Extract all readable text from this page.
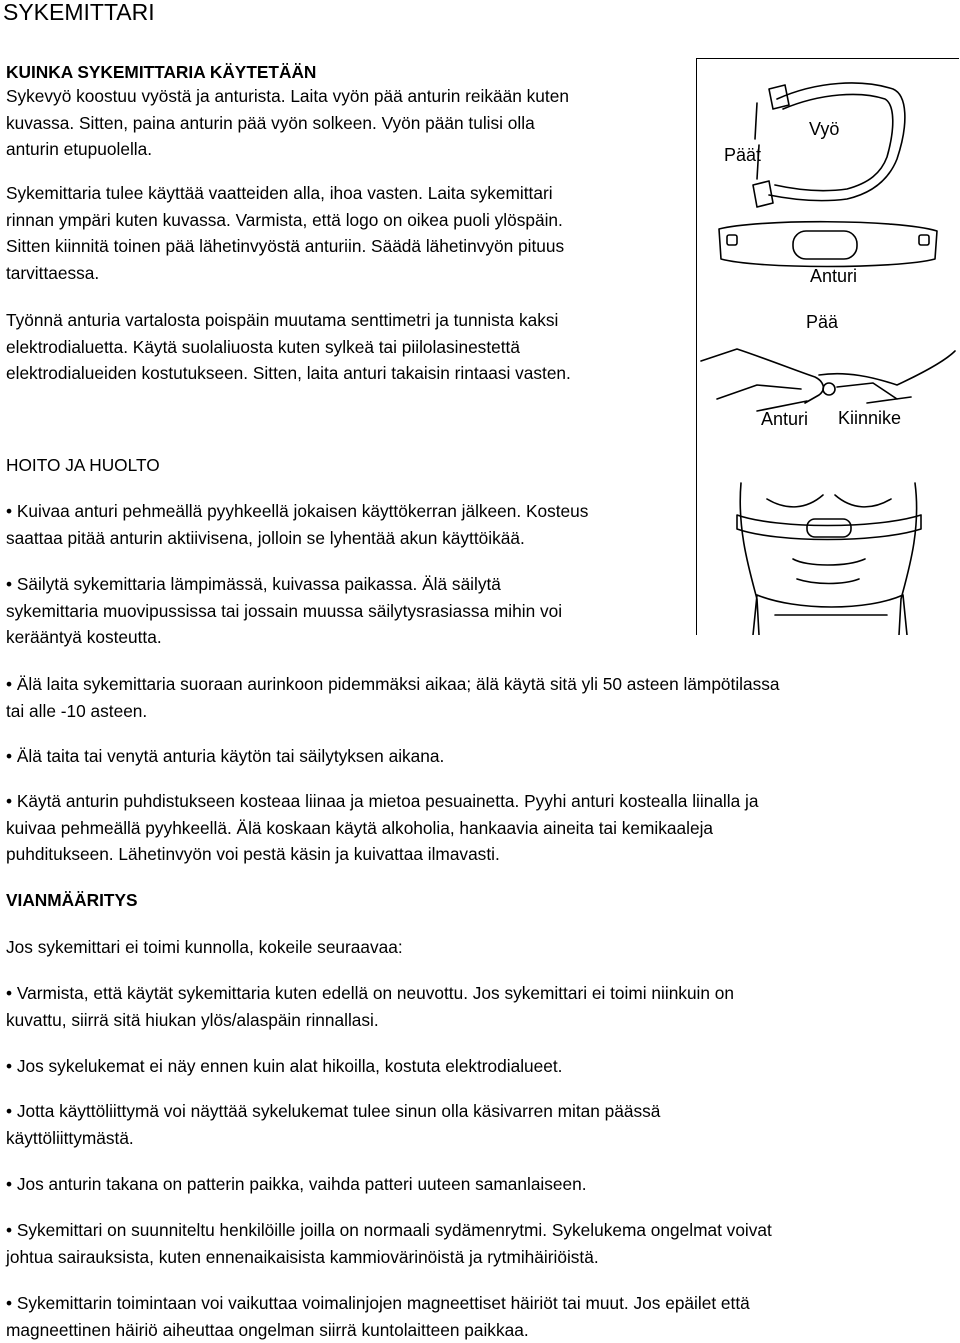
SYKEMITTARI
KUINKA SYKEMITTARIA KÄYTETÄÄN
Sykevyö koostuu vyöstä ja anturista. Laita vyön pää anturin reikään kuten
kuvassa. Sitten, paina anturin pää vyön solkeen. Vyön pään tulisi olla
anturin etupuolella.
Sykemittaria tulee käyttää vaatteiden alla, ihoa vasten. Laita sykemittari
rinnan ympäri kuten kuvassa. Varmista, että logo on oikea puoli ylöspäin.
Sitten kiinnitä toinen pää lähetinvyöstä anturiin. Säädä lähetinvyön pituus
tarvittaessa.
Työnnä anturia vartalosta poispäin muutama senttimetri ja tunnista kaksi
elektrodialuetta. Käytä suolaliuosta kuten sylkeä tai piilolasinestettä
elektrodialueiden kostutukseen. Sitten, laita anturi takaisin rintaasi vasten.
Päät
Vyö
Anturi
Pää
Anturi Kiinnike
HOITO JA HUOLTO
• Kuivaa anturi pehmeällä pyyhkeellä jokaisen käyttökerran jälkeen. Kosteus
saattaa pitää anturin aktiivisena, jolloin se lyhentää akun käyttöikää.
• Säilytä sykemittaria lämpimässä, kuivassa paikassa. Älä säilytä
sykemittaria muovipussissa tai jossain muussa säilytysrasiassa mihin voi
kerääntyä kosteutta.
• Älä laita sykemittaria suoraan aurinkoon pidemmäksi aikaa; älä käytä sitä yli 50 asteen lämpötilassa
tai alle -10 asteen.
• Älä taita tai venytä anturia käytön tai säilytyksen aikana.
• Käytä anturin puhdistukseen kosteaa liinaa ja mietoa pesuainetta. Pyyhi anturi kostealla liinalla ja
kuivaa pehmeällä pyyhkeellä. Älä koskaan käytä alkoholia, hankaavia aineita tai kemikaaleja
puhditukseen. Lähetinvyön voi pestä käsin ja kuivattaa ilmavasti.
VIANMÄÄRITYS
Jos sykemittari ei toimi kunnolla, kokeile seuraavaa:
• Varmista, että käytät sykemittaria kuten edellä on neuvottu. Jos sykemittari ei toimi niinkuin on
kuvattu, siirrä sitä hiukan ylös/alaspäin rinnallasi.
• Jos sykelukemat ei näy ennen kuin alat hikoilla, kostuta elektrodialueet.
• Jotta käyttöliittymä voi näyttää sykelukemat tulee sinun olla käsivarren mitan päässä
käyttöliittymästä.
• Jos anturin takana on patterin paikka, vaihda patteri uuteen samanlaiseen.
• Sykemittari on suunniteltu henkilöille joilla on normaali sydämenrytmi. Sykelukema ongelmat voivat
johtua sairauksista, kuten ennenaikaisista kammiovärinöistä ja rytmihäiriöistä.
• Sykemittarin toimintaan voi vaikuttaa voimalinjojen magneettiset häiriöt tai muut. Jos epäilet että
magneettinen häiriö aiheuttaa ongelman siirrä kuntolaitteen paikkaa.
